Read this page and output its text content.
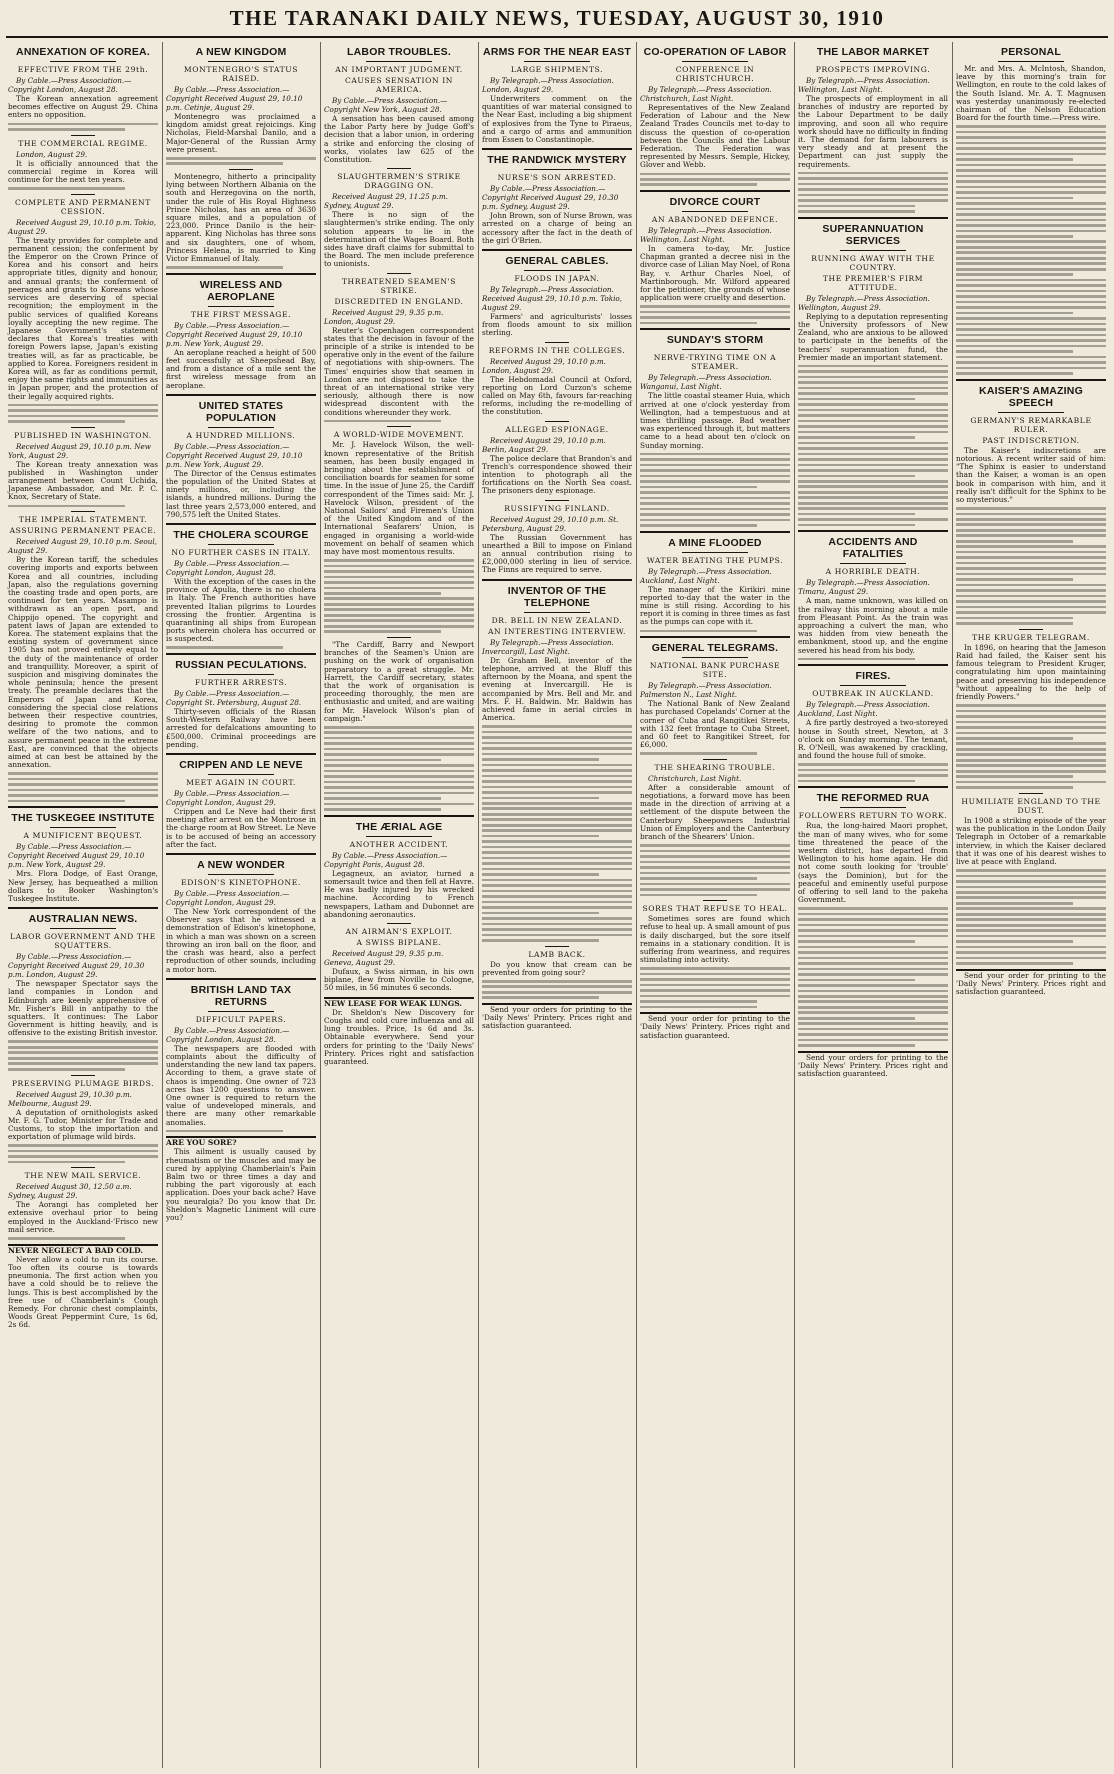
THE TARANAKI DAILY NEWS, TUESDAY, AUGUST 30, 1910
ANNEXATION OF KOREA.
EFFECTIVE FROM THE 29th.
By Cable.—Press Association.—Copyright London, August 28.
The Korean annexation agreement becomes effective on August 29. China enters no opposition.
THE COMMERCIAL REGIME.
London, August 29.
It is officially announced that the commercial regime in Korea will continue for the next ten years.
COMPLETE AND PERMANENT CESSION.
Received August 29, 10.10 p.m. Tokio, August 29.
The treaty provides for complete and permanent cession; the conferment by the Emperor on the Crown Prince of Korea and his consort and heirs appropriate titles, dignity and honour, and annual grants; the conferment of peerages and grants to Koreans whose services are deserving of special recognition; the employment in the public services of qualified Koreans loyally accepting the new regime. The Japanese Government's statement declares that Korea's treaties with foreign Powers lapse, Japan's existing treaties will, as far as practicable, be applied to Korea. Foreigners resident in Korea will, as far as conditions permit, enjoy the same rights and immunities as in Japan proper, and the protection of their legally acquired rights.
PUBLISHED IN WASHINGTON.
Received August 29, 10.10 p.m. New York, August 29.
The Korean treaty annexation was published in Washington under arrangement between Count Uchida, Japanese Ambassador, and Mr. P. C. Knox, Secretary of State.
THE IMPERIAL STATEMENT.
ASSURING PERMANENT PEACE.
Received August 29, 10.10 p.m. Seoul, August 29.
By the Korean tariff, the schedules covering imports and exports between Korea and all countries, including Japan, also the regulations governing the coasting trade and open ports, are continued for ten years. Masampo is withdrawn as an open port, and Chippijo opened. The copyright and patent laws of Japan are extended to Korea. The statement explains that the existing system of government since 1905 has not proved entirely equal to the duty of the maintenance of order and tranquillity. Moreover, a spirit of suspicion and misgiving dominates the whole peninsula; hence the present treaty. The preamble declares that the Emperors of Japan and Korea, considering the special close relations between their respective countries, desiring to promote the common welfare of the two nations, and to assure permanent peace in the extreme East, are convinced that the objects aimed at can best be attained by the annexation.
THE TUSKEGEE INSTITUTE
A MUNIFICENT BEQUEST.
By Cable.—Press Association.—Copyright Received August 29, 10.10 p.m. New York, August 29.
Mrs. Flora Dodge, of East Orange, New Jersey, has bequeathed a million dollars to Booker Washington's Tuskegee Institute.
AUSTRALIAN NEWS.
LABOR GOVERNMENT AND THE SQUATTERS.
By Cable.—Press Association.—Copyright Received August 29, 10.30 p.m. London, August 29.
The newspaper Spectator says the land companies in London and Edinburgh are keenly apprehensive of Mr. Fisher's Bill in antipathy to the squatters. It continues: The Labor Government is hitting heavily, and is offensive to the existing British investor.
PRESERVING PLUMAGE BIRDS.
Received August 29, 10.30 p.m. Melbourne, August 29.
A deputation of ornithologists asked Mr. F. G. Tudor, Minister for Trade and Customs, to stop the importation and exportation of plumage wild birds.
THE NEW MAIL SERVICE.
Received August 30, 12.50 a.m. Sydney, August 29.
The Aorangi has completed her extensive overhaul prior to being employed in the Auckland-'Frisco new mail service.
NEVER NEGLECT A BAD COLD.
Never allow a cold to run its course. Too often its course is towards pneumonia. The first action when you have a cold should be to relieve the lungs. This is best accomplished by the free use of Chamberlain's Cough Remedy. For chronic chest complaints, Woods Great Peppermint Cure, 1s 6d, 2s 6d.
A NEW KINGDOM
MONTENEGRO'S STATUS RAISED.
By Cable.—Press Association.—Copyright Received August 29, 10.10 p.m. Cetinje, August 29.
Montenegro was proclaimed a kingdom amidst great rejoicings. King Nicholas, Field-Marshal Danilo, and a Major-General of the Russian Army were present.
Montenegro, hitherto a principality lying between Northern Albania on the south and Herzegovina on the north, under the rule of His Royal Highness Prince Nicholas, has an area of 3630 square miles, and a population of 223,000. Prince Danilo is the heir-apparent. King Nicholas has three sons and six daughters, one of whom, Princess Helena, is married to King Victor Emmanuel of Italy.
WIRELESS AND AEROPLANE
THE FIRST MESSAGE.
By Cable.—Press Association.—Copyright Received August 29, 10.10 p.m. New York, August 29.
An aeroplane reached a height of 500 feet successfully at Sheepshead Bay, and from a distance of a mile sent the first wireless message from an aeroplane.
UNITED STATES POPULATION
A HUNDRED MILLIONS.
By Cable.—Press Association.—Copyright Received August 29, 10.10 p.m. New York, August 29.
The Director of the Census estimates the population of the United States at ninety millions, or, including the islands, a hundred millions. During the last three years 2,573,000 entered, and 790,575 left the United States.
THE CHOLERA SCOURGE
NO FURTHER CASES IN ITALY.
By Cable.—Press Association.—Copyright London, August 28.
With the exception of the cases in the province of Apulia, there is no cholera in Italy. The French authorities have prevented Italian pilgrims to Lourdes crossing the frontier. Argentina is quarantining all ships from European ports wherein cholera has occurred or is suspected.
RUSSIAN PECULATIONS.
FURTHER ARRESTS.
By Cable.—Press Association.—Copyright St. Petersburg, August 28.
Thirty-seven officials of the Riasan South-Western Railway have been arrested for defalcations amounting to £500,000. Criminal proceedings are pending.
CRIPPEN AND LE NEVE
MEET AGAIN IN COURT.
By Cable.—Press Association.—Copyright London, August 29.
Crippen and Le Neve had their first meeting after arrest on the Montrose in the charge room at Bow Street. Le Neve is to be accused of being an accessory after the fact.
A NEW WONDER
EDISON'S KINETOPHONE.
By Cable.—Press Association.—Copyright London, August 29.
The New York correspondent of the Observer says that he witnessed a demonstration of Edison's kinetophone, in which a man was shown on a screen throwing an iron ball on the floor, and the crash was heard, also a perfect reproduction of other sounds, including a motor horn.
BRITISH LAND TAX RETURNS
DIFFICULT PAPERS.
By Cable.—Press Association.—Copyright London, August 28.
The newspapers are flooded with complaints about the difficulty of understanding the new land tax papers. According to them, a grave state of chaos is impending. One owner of 723 acres has 1200 questions to answer. One owner is required to return the value of undeveloped minerals, and there are many other remarkable anomalies.
ARE YOU SORE?
This ailment is usually caused by rheumatism or the muscles and may be cured by applying Chamberlain's Pain Balm two or three times a day and rubbing the part vigorously at each application. Does your back ache? Have you neuralgia? Do you know that Dr. Sheldon's Magnetic Liniment will cure you?
LABOR TROUBLES.
AN IMPORTANT JUDGMENT.
CAUSES SENSATION IN AMERICA.
By Cable.—Press Association.—Copyright New York, August 28.
A sensation has been caused among the Labor Party here by Judge Goff's decision that a labor union, in ordering a strike and enforcing the closing of works, violates law 625 of the Constitution.
SLAUGHTERMEN'S STRIKE DRAGGING ON.
Received August 29, 11.25 p.m. Sydney, August 29.
There is no sign of the slaughtermen's strike ending. The only solution appears to lie in the determination of the Wages Board. Both sides have draft claims for submittal to the Board. The men include preference to unionists.
THREATENED SEAMEN'S STRIKE.
DISCREDITED IN ENGLAND.
Received August 29, 9.35 p.m. London, August 29.
Reuter's Copenhagen correspondent states that the decision in favour of the principle of a strike is intended to be operative only in the event of the failure of negotiations with ship-owners. The Times' enquiries show that seamen in London are not disposed to take the threat of an international strike very seriously, although there is now widespread discontent with the conditions whereunder they work.
A WORLD-WIDE MOVEMENT.
Mr. J. Havelock Wilson, the well-known representative of the British seamen, has been busily engaged in bringing about the establishment of conciliation boards for seamen for some time. In the issue of June 25, the Cardiff correspondent of the Times said: Mr. J. Havelock Wilson, president of the National Sailors' and Firemen's Union of the United Kingdom and of the International Seafarers' Union, is engaged in organising a world-wide movement on behalf of seamen which may have most momentous results.
"The Cardiff, Barry and Newport branches of the Seamen's Union are pushing on the work of organisation preparatory to a great struggle. Mr. Harrett, the Cardiff secretary, states that the work of organisation is proceeding thoroughly, the men are enthusiastic and united, and are waiting for Mr. Havelock Wilson's plan of campaign."
THE ÆRIAL AGE
ANOTHER ACCIDENT.
By Cable.—Press Association.—Copyright Paris, August 28.
Legagneux, an aviator, turned a somersault twice and then fell at Havre. He was badly injured by his wrecked machine. According to French newspapers, Latham and Dubonnet are abandoning aeronautics.
AN AIRMAN'S EXPLOIT.
A SWISS BIPLANE.
Received August 29, 9.35 p.m. Geneva, August 29.
Dufaux, a Swiss airman, in his own biplane, flew from Noville to Cologne, 50 miles, in 56 minutes 6 seconds.
NEW LEASE FOR WEAK LUNGS.
Dr. Sheldon's New Discovery for Coughs and cold cure influenza and all lung troubles. Price, 1s 6d and 3s. Obtainable everywhere. Send your orders for printing to the 'Daily News' Printery. Prices right and satisfaction guaranteed.
ARMS FOR THE NEAR EAST
LARGE SHIPMENTS.
By Telegraph.—Press Association. London, August 29.
Underwriters comment on the quantities of war material consigned to the Near East, including a big shipment of explosives from the Tyne to Piraeus, and a cargo of arms and ammunition from Essen to Constantinople.
THE RANDWICK MYSTERY
NURSE'S SON ARRESTED.
By Cable.—Press Association.—Copyright Received August 29, 10.30 p.m. Sydney, August 29.
John Brown, son of Nurse Brown, was arrested on a charge of being an accessory after the fact in the death of the girl O'Brien.
GENERAL CABLES.
FLOODS IN JAPAN.
By Telegraph.—Press Association. Received August 29, 10.10 p.m. Tokio, August 29.
Farmers' and agriculturists' losses from floods amount to six million sterling.
REFORMS IN THE COLLEGES.
Received August 29, 10.10 p.m. London, August 29.
The Hebdomadal Council at Oxford, reporting on Lord Curzon's scheme called on May 6th, favours far-reaching reforms, including the re-modelling of the constitution.
ALLEGED ESPIONAGE.
Received August 29, 10.10 p.m. Berlin, August 29.
The police declare that Brandon's and Trench's correspondence showed their intention to photograph all the fortifications on the North Sea coast. The prisoners deny espionage.
RUSSIFYING FINLAND.
Received August 29, 10.10 p.m. St. Petersburg, August 29.
The Russian Government has unearthed a Bill to impose on Finland an annual contribution rising to £2,000,000 sterling in lieu of service. The Finns are required to serve.
INVENTOR OF THE TELEPHONE
DR. BELL IN NEW ZEALAND.
AN INTERESTING INTERVIEW.
By Telegraph.—Press Association. Invercargill, Last Night.
Dr. Graham Bell, inventor of the telephone, arrived at the Bluff this afternoon by the Moana, and spent the evening at Invercargill. He is accompanied by Mrs. Bell and Mr. and Mrs. F. H. Baldwin. Mr. Baldwin has achieved fame in aerial circles in America.
LAMB BACK.
Do you know that cream can be prevented from going sour?
Send your orders for printing to the 'Daily News' Printery. Prices right and satisfaction guaranteed.
CO-OPERATION OF LABOR
CONFERENCE IN CHRISTCHURCH.
By Telegraph.—Press Association. Christchurch, Last Night.
Representatives of the New Zealand Federation of Labour and the New Zealand Trades Councils met to-day to discuss the question of co-operation between the Councils and the Labour Federation. The Federation was represented by Messrs. Semple, Hickey, Glover and Webb.
DIVORCE COURT
AN ABANDONED DEFENCE.
By Telegraph.—Press Association. Wellington, Last Night.
In camera to-day, Mr. Justice Chapman granted a decree nisi in the divorce case of Lilian May Noel, of Rona Bay, v. Arthur Charles Noel, of Martinborough. Mr. Wilford appeared for the petitioner, the grounds of whose application were cruelty and desertion.
SUNDAY'S STORM
NERVE-TRYING TIME ON A STEAMER.
By Telegraph.—Press Association. Wanganui, Last Night.
The little coastal steamer Huia, which arrived at one o'clock yesterday from Wellington, had a tempestuous and at times thrilling passage. Bad weather was experienced through it, but matters came to a head about ten o'clock on Sunday morning.
A MINE FLOODED
WATER BEATING THE PUMPS.
By Telegraph.—Press Association. Auckland, Last Night.
The manager of the Kirikiri mine reported to-day that the water in the mine is still rising. According to his report it is coming in three times as fast as the pumps can cope with it.
GENERAL TELEGRAMS.
NATIONAL BANK PURCHASE SITE.
By Telegraph.—Press Association. Palmerston N., Last Night.
The National Bank of New Zealand has purchased Copelands' Corner at the corner of Cuba and Rangitikei Streets, with 132 feet frontage to Cuba Street, and 60 feet to Rangitikei Street, for £6,000.
THE SHEARING TROUBLE.
Christchurch, Last Night.
After a considerable amount of negotiations, a forward move has been made in the direction of arriving at a settlement of the dispute between the Canterbury Sheepowners Industrial Union of Employers and the Canterbury branch of the Shearers' Union.
SORES THAT REFUSE TO HEAL.
Sometimes sores are found which refuse to heal up. A small amount of pus is daily discharged, but the sore itself remains in a stationary condition. It is suffering from weariness, and requires stimulating into activity.
Send your order for printing to the 'Daily News' Printery. Prices right and satisfaction guaranteed.
THE LABOR MARKET
PROSPECTS IMPROVING.
By Telegraph.—Press Association. Wellington, Last Night.
The prospects of employment in all branches of industry are reported by the Labour Department to be daily improving, and soon all who require work should have no difficulty in finding it. The demand for farm labourers is very steady and at present the Department can just supply the requirements.
SUPERANNUATION SERVICES
RUNNING AWAY WITH THE COUNTRY.
THE PREMIER'S FIRM ATTITUDE.
By Telegraph.—Press Association. Wellington, August 29.
Replying to a deputation representing the University professors of New Zealand, who are anxious to be allowed to participate in the benefits of the teachers' superannuation fund, the Premier made an important statement.
ACCIDENTS AND FATALITIES
A HORRIBLE DEATH.
By Telegraph.—Press Association. Timaru, August 29.
A man, name unknown, was killed on the railway this morning about a mile from Pleasant Point. As the train was approaching a culvert the man, who was hidden from view beneath the embankment, stood up, and the engine severed his head from his body.
FIRES.
OUTBREAK IN AUCKLAND.
By Telegraph.—Press Association. Auckland, Last Night.
A fire partly destroyed a two-storeyed house in South street, Newton, at 3 o'clock on Sunday morning. The tenant, R. O'Neill, was awakened by crackling, and found the house full of smoke.
THE REFORMED RUA
FOLLOWERS RETURN TO WORK.
Rua, the long-haired Maori prophet, the man of many wives, who for some time threatened the peace of the western district, has departed from Wellington to his home again. He did not come south looking for 'trouble' (says the Dominion), but for the peaceful and eminently useful purpose of offering to sell land to the pakeha Government.
Send your orders for printing to the 'Daily News' Printery. Prices right and satisfaction guaranteed.
PERSONAL
Mr. and Mrs. A. McIntosh, Shandon, leave by this morning's train for Wellington, en route to the cold lakes of the South Island. Mr. A. T. Magnusen was yesterday unanimously re-elected chairman of the Nelson Education Board for the fourth time.—Press wire.
KAISER'S AMAZING SPEECH
GERMANY'S REMARKABLE RULER.
PAST INDISCRETION.
The Kaiser's indiscretions are notorious. A recent writer said of him: "The Sphinx is easier to understand than the Kaiser, a woman is an open book in comparison with him, and it really isn't difficult for the Sphinx to be so mysterious."
THE KRUGER TELEGRAM.
In 1896, on hearing that the Jameson Raid had failed, the Kaiser sent his famous telegram to President Kruger, congratulating him upon maintaining peace and preserving his independence "without appealing to the help of friendly Powers."
HUMILIATE ENGLAND TO THE DUST.
In 1908 a striking episode of the year was the publication in the London Daily Telegraph in October of a remarkable interview, in which the Kaiser declared that it was one of his dearest wishes to live at peace with England.
Send your order for printing to the 'Daily News' Printery. Prices right and satisfaction guaranteed.
